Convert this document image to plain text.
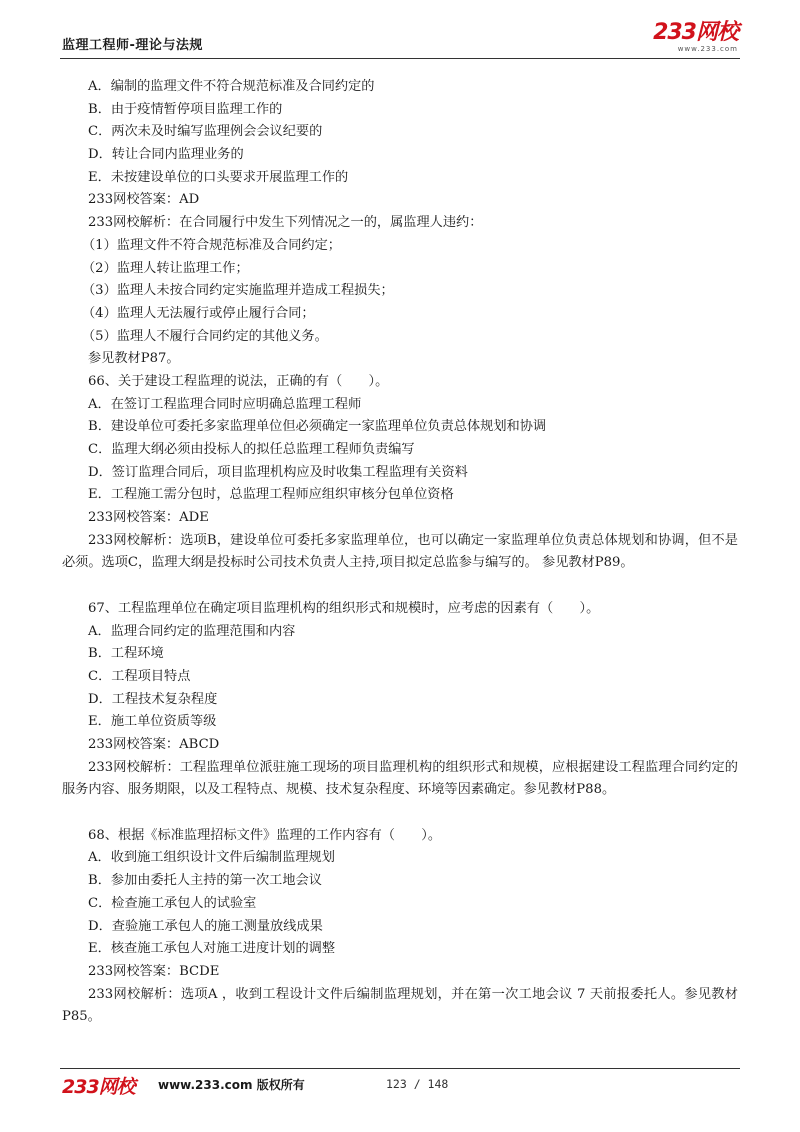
监理工程师-理论与法规
233网校
www.233.com
A．编制的监理文件不符合规范标准及合同约定的
B．由于疫情暂停项目监理工作的
C．两次未及时编写监理例会会议纪要的
D．转让合同内监理业务的
E．未按建设单位的口头要求开展监理工作的
233网校答案：AD
233网校解析：在合同履行中发生下列情况之一的，属监理人违约：
（1）监理文件不符合规范标准及合同约定；
（2）监理人转让监理工作；
（3）监理人未按合同约定实施监理并造成工程损失；
（4）监理人无法履行或停止履行合同；
（5）监理人不履行合同约定的其他义务。
参见教材P87。
66、关于建设工程监理的说法，正确的有（　　）。
A．在签订工程监理合同时应明确总监理工程师
B．建设单位可委托多家监理单位但必须确定一家监理单位负责总体规划和协调
C．监理大纲必须由投标人的拟任总监理工程师负责编写
D．签订监理合同后，项目监理机构应及时收集工程监理有关资料
E．工程施工需分包时，总监理工程师应组织审核分包单位资格
233网校答案：ADE
233网校解析：选项B，建设单位可委托多家监理单位，也可以确定一家监理单位负责总体规划和协调，但不是必须。选项C，监理大纲是投标时公司技术负责人主持,项目拟定总监参与编写的。 参见教材P89。
67、工程监理单位在确定项目监理机构的组织形式和规模时，应考虑的因素有（　　）。
A．监理合同约定的监理范围和内容
B．工程环境
C．工程项目特点
D．工程技术复杂程度
E．施工单位资质等级
233网校答案：ABCD
233网校解析：工程监理单位派驻施工现场的项目监理机构的组织形式和规模，应根据建设工程监理合同约定的服务内容、服务期限，以及工程特点、规模、技术复杂程度、环境等因素确定。参见教材P88。
68、根据《标准监理招标文件》监理的工作内容有（　　）。
A．收到施工组织设计文件后编制监理规划
B．参加由委托人主持的第一次工地会议
C．检查施工承包人的试验室
D．查验施工承包人的施工测量放线成果
E．核查施工承包人对施工进度计划的调整
233网校答案：BCDE
233网校解析：选项A ，收到工程设计文件后编制监理规划，并在第一次工地会议 7 天前报委托人。参见教材P85。
233网校 www.233.com 版权所有	123 / 148
